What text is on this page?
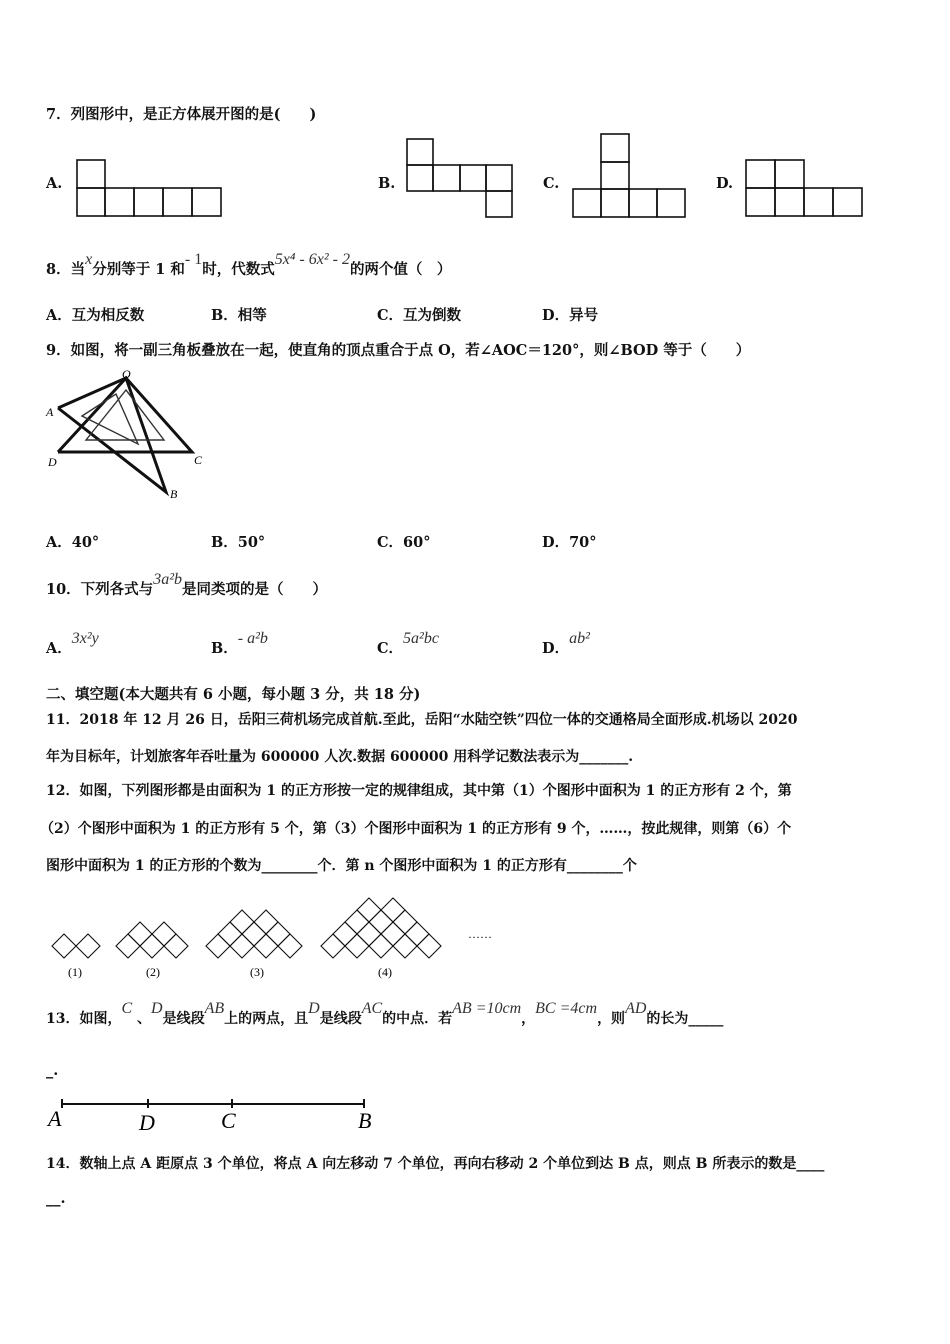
7．列图形中，是正方体展开图的是(　　)
A.	B.	C.	D.
8．当x分别等于 1 和- 1时，代数式5x⁴ - 6x² - 2的两个值（　）
A．互为相反数	B．相等	C．互为倒数	D．异号
9．如图，将一副三角板叠放在一起，使直角的顶点重合于点 O，若∠AOC＝120°，则∠BOD 等于（　　）
O
A
D	C
B
A．40°	B．50°	C．60°	D．70°
10．下列各式与3a²b是同类项的是（　　）
A．3x²y
B．- a²b
C．5a²bc
D．ab²
二、填空题(本大题共有 6 小题，每小题 3 分，共 18 分)
11．2018 年 12 月 26 日，岳阳三荷机场完成首航.至此，岳阳“水陆空铁”四位一体的交通格局全面形成.机场以 2020
年为目标年，计划旅客年吞吐量为 600000 人次.数据 600000 用科学记数法表示为_______.
12．如图，下列图形都是由面积为 1 的正方形按一定的规律组成，其中第（1）个图形中面积为 1 的正方形有 2 个，第
（2）个图形中面积为 1 的正方形有 5 个，第（3）个图形中面积为 1 的正方形有 9 个，……，按此规律，则第（6）个
图形中面积为 1 的正方形的个数为________个．第 n 个图形中面积为 1 的正方形有________个
(1)	(2)	(3)	(4)
……
13．如图，C 、D是线段AB上的两点，且D是线段AC的中点．若AB =10cm，BC =4cm，则AD的长为_____
_.
A	D	C	B
14．数轴上点 A 距原点 3 个单位，将点 A 向左移动 7 个单位，再向右移动 2 个单位到达 B 点，则点 B 所表示的数是____
__.
